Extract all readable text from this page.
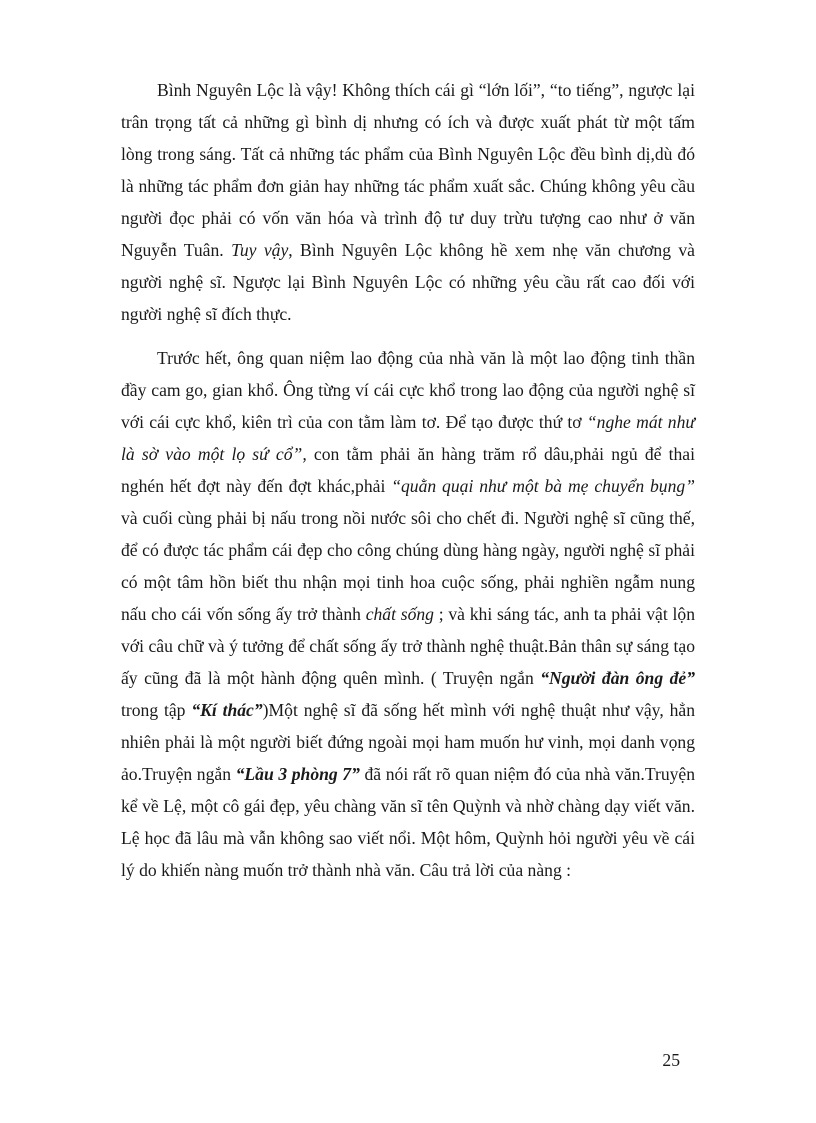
Bình Nguyên Lộc là vậy! Không thích cái gì “lớn lối”, “to tiếng”, ngược lại trân trọng tất cả những gì bình dị nhưng có ích và được xuất phát từ một tấm lòng trong sáng. Tất cả những tác phẩm của Bình Nguyên Lộc đều bình dị,dù đó là những tác phẩm đơn giản hay những tác phẩm xuất sắc. Chúng không yêu cầu người đọc phải có vốn văn hóa và trình độ tư duy trừu tượng cao như ở văn Nguyễn Tuân. Tuy vậy, Bình Nguyên Lộc không hề xem nhẹ văn chương và người nghệ sĩ. Ngược lại Bình Nguyên Lộc có những yêu cầu rất cao đối với người nghệ sĩ đích thực.

Trước hết, ông quan niệm lao động của nhà văn là một lao động tinh thần đầy cam go, gian khổ. Ông từng ví cái cực khổ trong lao động của người nghệ sĩ với cái cực khổ, kiên trì của con tằm làm tơ. Để tạo được thứ tơ “nghe mát như là sờ vào một lọ sứ cổ”, con tằm phải ăn hàng trăm rổ dâu,phải ngủ để thai nghén hết đợt này đến đợt khác,phải “quằn quại như một bà mẹ chuyển bụng” và cuối cùng phải bị nấu trong nồi nước sôi cho chết đi. Người nghệ sĩ cũng thế, để có được tác phẩm cái đẹp cho công chúng dùng hàng ngày, người nghệ sĩ phải có một tâm hồn biết thu nhận mọi tinh hoa cuộc sống, phải nghiền ngẫm nung nấu cho cái vốn sống ấy trở thành chất sống ; và khi sáng tác, anh ta phải vật lộn với câu chữ và ý tưởng để chất sống ấy trở thành nghệ thuật.Bản thân sự sáng tạo ấy cũng đã là một hành động quên mình. ( Truyện ngắn “Người đàn ông đẻ” trong tập “Kí thác”)Một nghệ sĩ đã sống hết mình với nghệ thuật như vậy, hẳn nhiên phải là một người biết đứng ngoài mọi ham muốn hư vinh, mọi danh vọng ảo.Truyện ngắn “Lầu 3 phòng 7” đã nói rất rõ quan niệm đó của nhà văn.Truyện kể về Lệ, một cô gái đẹp, yêu chàng văn sĩ tên Quỳnh và nhờ chàng dạy viết văn. Lệ học đã lâu mà vẫn không sao viết nổi. Một hôm, Quỳnh hỏi người yêu về cái lý do khiến nàng muốn trở thành nhà văn. Câu trả lời của nàng :

25
